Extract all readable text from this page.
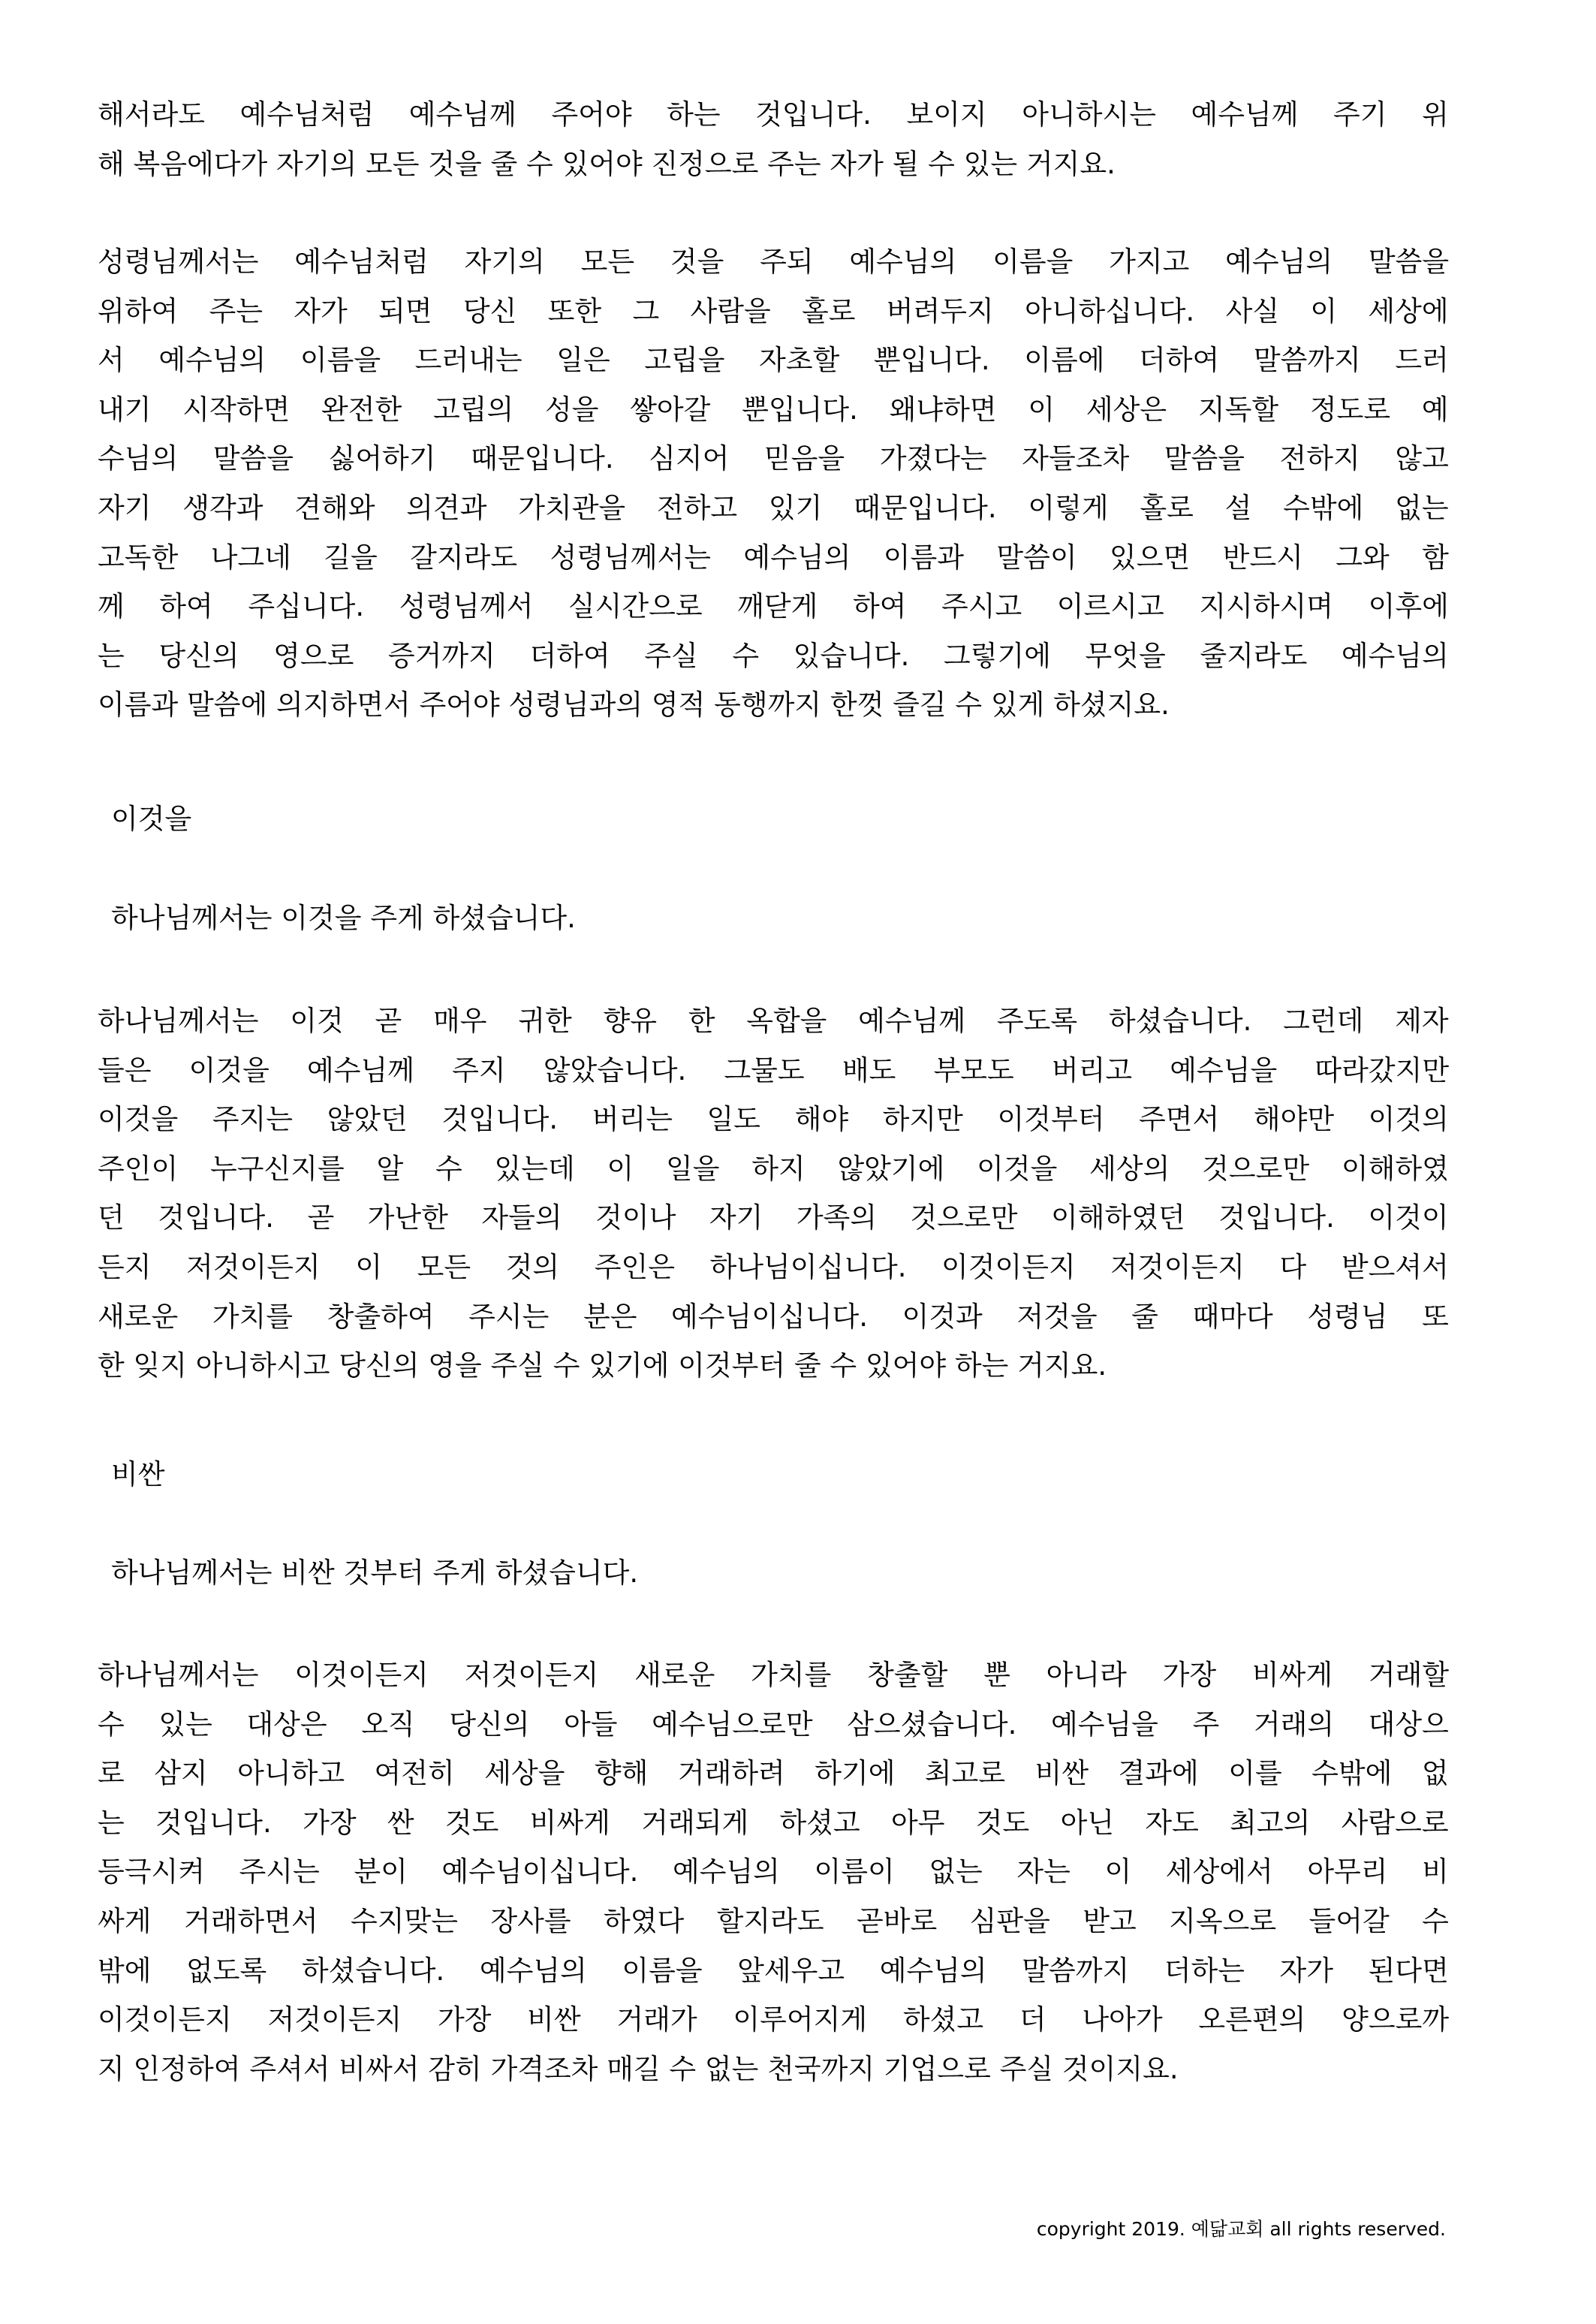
해서라도 예수님처럼 예수님께 주어야 하는 것입니다. 보이지 아니하시는 예수님께 주기 위
해 복음에다가 자기의 모든 것을 줄 수 있어야 진정으로 주는 자가 될 수 있는 거지요.
성령님께서는 예수님처럼 자기의 모든 것을 주되 예수님의 이름을 가지고 예수님의 말씀을
위하여 주는 자가 되면 당신 또한 그 사람을 홀로 버려두지 아니하십니다. 사실 이 세상에
서 예수님의 이름을 드러내는 일은 고립을 자초할 뿐입니다. 이름에 더하여 말씀까지 드러
내기 시작하면 완전한 고립의 성을 쌓아갈 뿐입니다. 왜냐하면 이 세상은 지독할 정도로 예
수님의 말씀을 싫어하기 때문입니다. 심지어 믿음을 가졌다는 자들조차 말씀을 전하지 않고
자기 생각과 견해와 의견과 가치관을 전하고 있기 때문입니다. 이렇게 홀로 설 수밖에 없는
고독한 나그네 길을 갈지라도 성령님께서는 예수님의 이름과 말씀이 있으면 반드시 그와 함
께 하여 주십니다. 성령님께서 실시간으로 깨닫게 하여 주시고 이르시고 지시하시며 이후에
는 당신의 영으로 증거까지 더하여 주실 수 있습니다. 그렇기에 무엇을 줄지라도 예수님의
이름과 말씀에 의지하면서 주어야 성령님과의 영적 동행까지 한껏 즐길 수 있게 하셨지요.
이것을
하나님께서는 이것을 주게 하셨습니다.
하나님께서는 이것 곧 매우 귀한 향유 한 옥합을 예수님께 주도록 하셨습니다. 그런데 제자
들은 이것을 예수님께 주지 않았습니다. 그물도 배도 부모도 버리고 예수님을 따라갔지만
이것을 주지는 않았던 것입니다. 버리는 일도 해야 하지만 이것부터 주면서 해야만 이것의
주인이 누구신지를 알 수 있는데 이 일을 하지 않았기에 이것을 세상의 것으로만 이해하였
던 것입니다. 곧 가난한 자들의 것이나 자기 가족의 것으로만 이해하였던 것입니다. 이것이
든지 저것이든지 이 모든 것의 주인은 하나님이십니다. 이것이든지 저것이든지 다 받으셔서
새로운 가치를 창출하여 주시는 분은 예수님이십니다. 이것과 저것을 줄 때마다 성령님 또
한 잊지 아니하시고 당신의 영을 주실 수 있기에 이것부터 줄 수 있어야 하는 거지요.
비싼
하나님께서는 비싼 것부터 주게 하셨습니다.
하나님께서는 이것이든지 저것이든지 새로운 가치를 창출할 뿐 아니라 가장 비싸게 거래할
수 있는 대상은 오직 당신의 아들 예수님으로만 삼으셨습니다. 예수님을 주 거래의 대상으
로 삼지 아니하고 여전히 세상을 향해 거래하려 하기에 최고로 비싼 결과에 이를 수밖에 없
는 것입니다. 가장 싼 것도 비싸게 거래되게 하셨고 아무 것도 아닌 자도 최고의 사람으로
등극시켜 주시는 분이 예수님이십니다. 예수님의 이름이 없는 자는 이 세상에서 아무리 비
싸게 거래하면서 수지맞는 장사를 하였다 할지라도 곧바로 심판을 받고 지옥으로 들어갈 수
밖에 없도록 하셨습니다. 예수님의 이름을 앞세우고 예수님의 말씀까지 더하는 자가 된다면
이것이든지 저것이든지 가장 비싼 거래가 이루어지게 하셨고 더 나아가 오른편의 양으로까
지 인정하여 주셔서 비싸서 감히 가격조차 매길 수 없는 천국까지 기업으로 주실 것이지요.
copyright 2019. 예닮교회 all rights reserved.
